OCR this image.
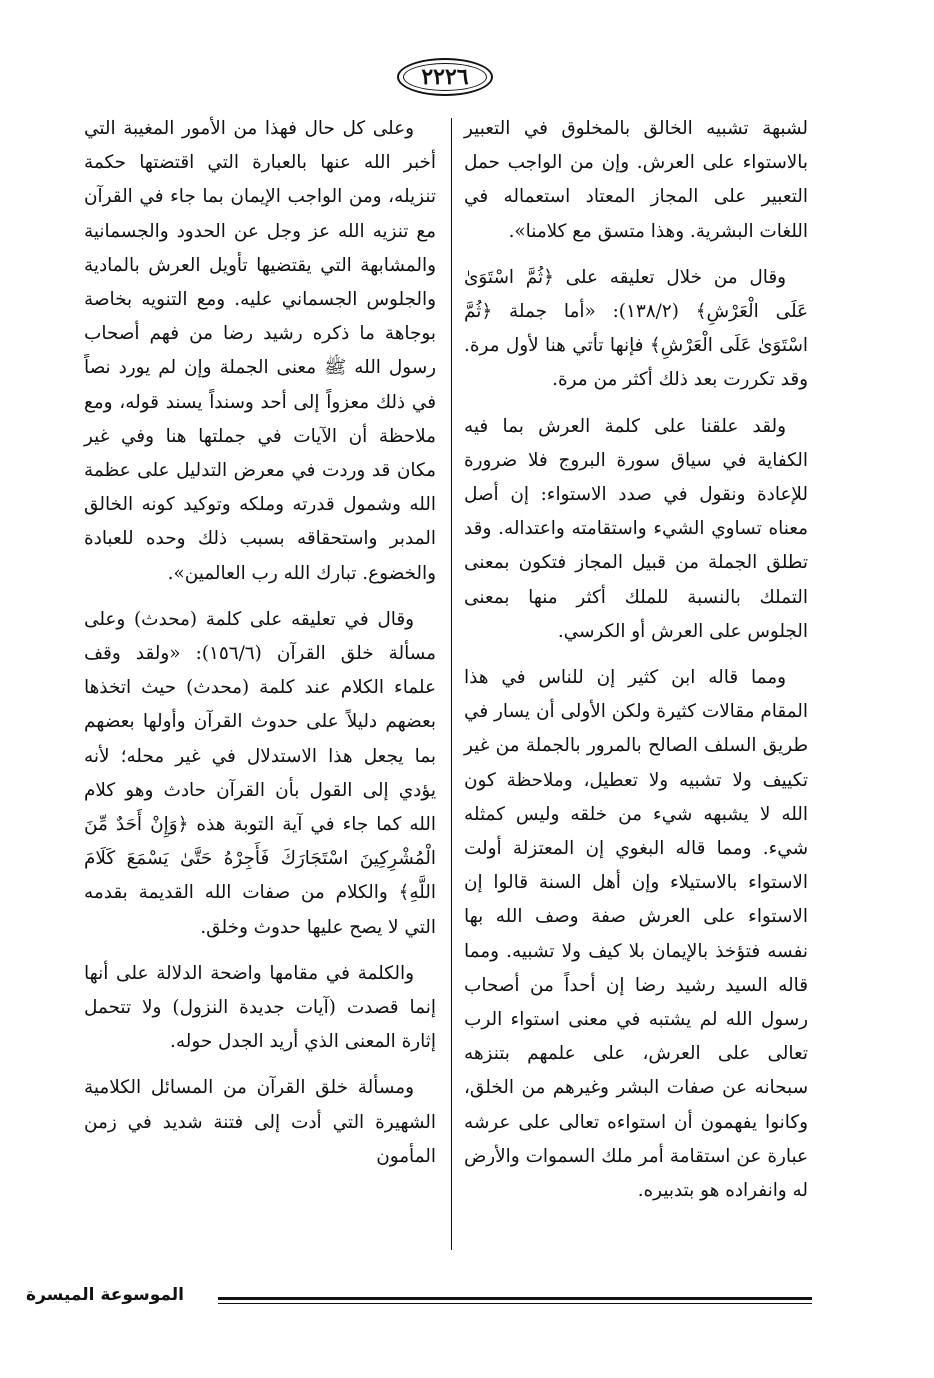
٢٢٢٦

لشبهة تشبيه الخالق بالمخلوق في التعبير بالاستواء على العرش. وإن من الواجب حمل التعبير على المجاز المعتاد استعماله في اللغات البشرية. وهذا متسق مع كلامنا».

وقال من خلال تعليقه على ﴿ثُمَّ اسْتَوَىٰ عَلَى الْعَرْشِ﴾ (١٣٨/٢): «أما جملة ﴿ثُمَّ اسْتَوَىٰ عَلَى الْعَرْشِ﴾ فإنها تأتي هنا لأول مرة. وقد تكررت بعد ذلك أكثر من مرة.

ولقد علقنا على كلمة العرش بما فيه الكفاية في سياق سورة البروج فلا ضرورة للإعادة ونقول في صدد الاستواء: إن أصل معناه تساوي الشيء واستقامته واعتداله. وقد تطلق الجملة من قبيل المجاز فتكون بمعنى التملك بالنسبة للملك أكثر منها بمعنى الجلوس على العرش أو الكرسي.

ومما قاله ابن كثير إن للناس في هذا المقام مقالات كثيرة ولكن الأولى أن يسار في طريق السلف الصالح بالمرور بالجملة من غير تكييف ولا تشبيه ولا تعطيل، وملاحظة كون الله لا يشبهه شيء من خلقه وليس كمثله شيء. ومما قاله البغوي إن المعتزلة أولت الاستواء بالاستيلاء وإن أهل السنة قالوا إن الاستواء على العرش صفة وصف الله بها نفسه فتؤخذ بالإيمان بلا كيف ولا تشبيه. ومما قاله السيد رشيد رضا إن أحداً من أصحاب رسول الله لم يشتبه في معنى استواء الرب تعالى على العرش، على علمهم بتنزهه سبحانه عن صفات البشر وغيرهم من الخلق، وكانوا يفهمون أن استواءه تعالى على عرشه عبارة عن استقامة أمر ملك السموات والأرض له وانفراده هو بتدبيره.

وعلى كل حال فهذا من الأمور المغيبة التي أخبر الله عنها بالعبارة التي اقتضتها حكمة تنزيله، ومن الواجب الإيمان بما جاء في القرآن مع تنزيه الله عز وجل عن الحدود والجسمانية والمشابهة التي يقتضيها تأويل العرش بالمادية والجلوس الجسماني عليه. ومع التنويه بخاصة بوجاهة ما ذكره رشيد رضا من فهم أصحاب رسول الله ﷺ معنى الجملة وإن لم يورد نصاً في ذلك معزواً إلى أحد وسنداً يسند قوله، ومع ملاحظة أن الآيات في جملتها هنا وفي غير مكان قد وردت في معرض التدليل على عظمة الله وشمول قدرته وملكه وتوكيد كونه الخالق المدبر واستحقاقه بسبب ذلك وحده للعبادة والخضوع. تبارك الله رب العالمين».

وقال في تعليقه على كلمة (محدث) وعلى مسألة خلق القرآن (١٥٦/٦): «ولقد وقف علماء الكلام عند كلمة (محدث) حيث اتخذها بعضهم دليلاً على حدوث القرآن وأولها بعضهم بما يجعل هذا الاستدلال في غير محله؛ لأنه يؤدي إلى القول بأن القرآن حادث وهو كلام الله كما جاء في آية التوبة هذه ﴿وَإِنْ أَحَدٌ مِّنَ الْمُشْرِكِينَ اسْتَجَارَكَ فَأَجِرْهُ حَتَّىٰ يَسْمَعَ كَلَامَ اللَّهِ﴾ والكلام من صفات الله القديمة بقدمه التي لا يصح عليها حدوث وخلق.

والكلمة في مقامها واضحة الدلالة على أنها إنما قصدت (آيات جديدة النزول) ولا تتحمل إثارة المعنى الذي أريد الجدل حوله.

ومسألة خلق القرآن من المسائل الكلامية الشهيرة التي أدت إلى فتنة شديد في زمن المأمون

الموسوعة الميسرة
